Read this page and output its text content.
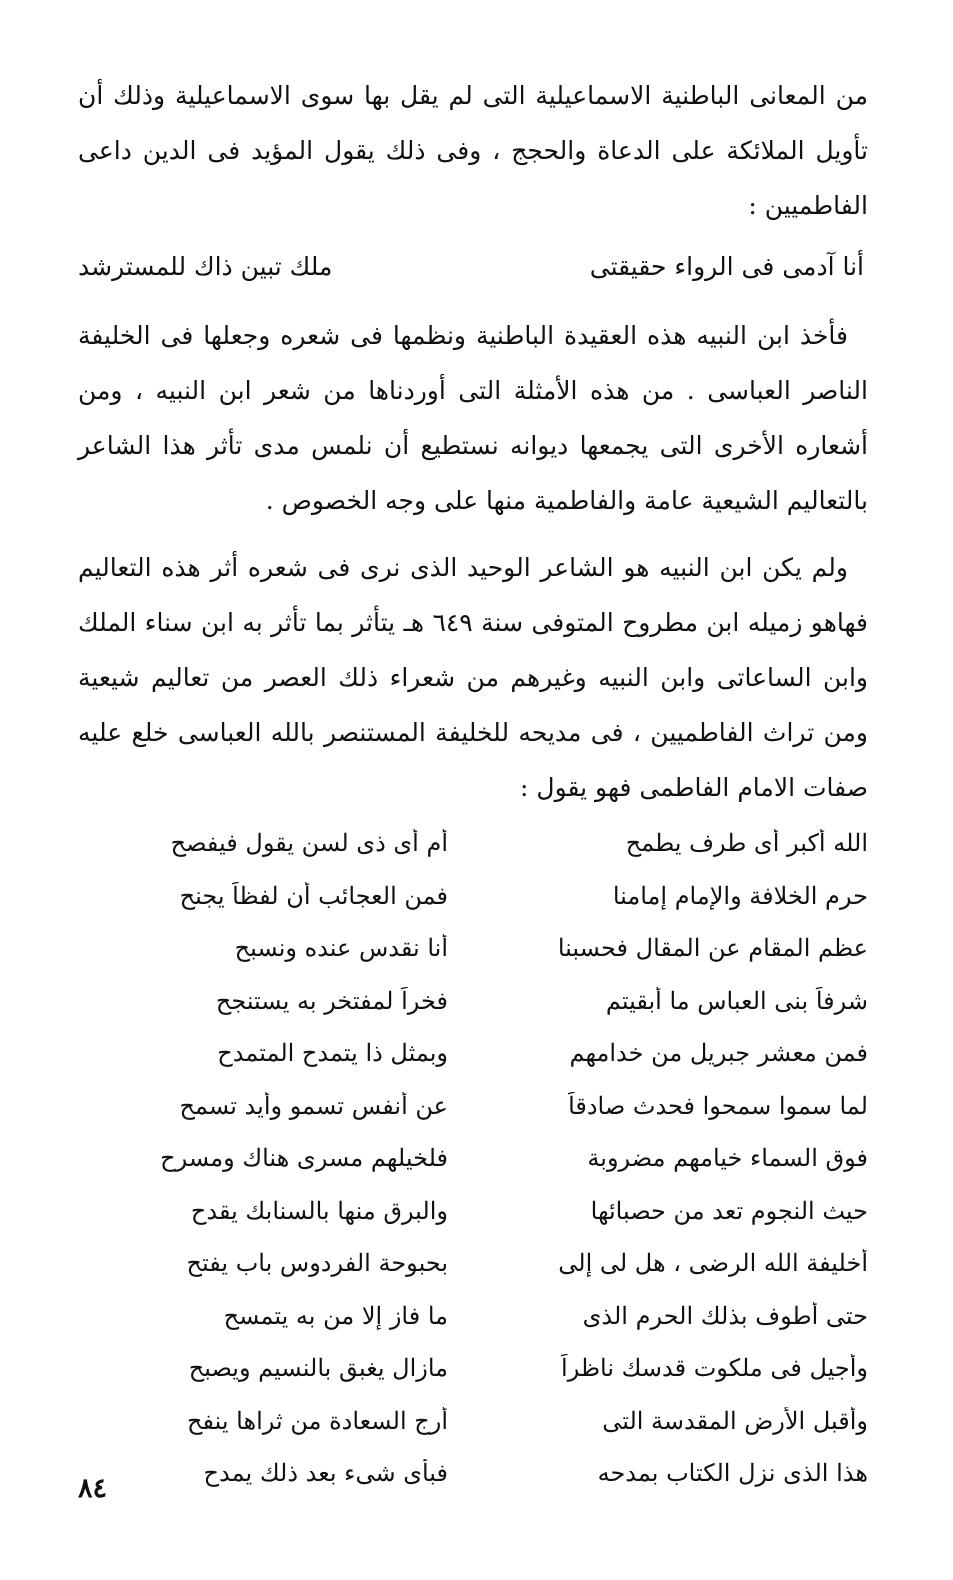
من المعانى الباطنية الاسماعيلية التى لم يقل بها سوى الاسماعيلية وذلك أن تأويل الملائكة على الدعاة والحجج ، وفى ذلك يقول المؤيد فى الدين داعى الفاطميين :

أنا آدمى فى الرواء حقيقتى
ملك تبين ذاك للمسترشد

فأخذ ابن النبيه هذه العقيدة الباطنية ونظمها فى شعره وجعلها فى الخليفة الناصر العباسى . من هذه الأمثلة التى أوردناها من شعر ابن النبيه ، ومن أشعاره الأخرى التى يجمعها ديوانه نستطيع أن نلمس مدى تأثر هذا الشاعر بالتعاليم الشيعية عامة والفاطمية منها على وجه الخصوص .

ولم يكن ابن النبيه هو الشاعر الوحيد الذى نرى فى شعره أثر هذه التعاليم فهاهو زميله ابن مطروح المتوفى سنة ٦٤٩ هـ يتأثر بما تأثر به ابن سناء الملك وابن الساعاتى وابن النبيه وغيرهم من شعراء ذلك العصر من تعاليم شيعية ومن تراث الفاطميين ، فى مديحه للخليفة المستنصر بالله العباسى خلع عليه صفات الامام الفاطمى فهو يقول :

الله أكبر أى طرف يطمح
أم أى ذى لسن يقول فيفصح
حرم الخلافة والإمام إمامنا
فمن العجائب أن لفظاً يجنح
عظم المقام عن المقال فحسبنا
أنا نقدس عنده ونسبح
شرفاً بنى العباس ما أبقيتم
فخراً لمفتخر به يستنجح
فمن معشر جبريل من خدامهم
وبمثل ذا يتمدح المتمدح
لما سموا سمحوا فحدث صادقاً
عن أنفس تسمو وأيد تسمح
فوق السماء خيامهم مضروبة
فلخيلهم مسرى هناك ومسرح
حيث النجوم تعد من حصبائها
والبرق منها بالسنابك يقدح
أخليفة الله الرضى ، هل لى إلى
بحبوحة الفردوس باب يفتح
حتى أطوف بذلك الحرم الذى
ما فاز إلا من به يتمسح
وأجيل فى ملكوت قدسك ناظراً
مازال يغبق بالنسيم ويصبح
وأقبل الأرض المقدسة التى
أرج السعادة من ثراها ينفح
هذا الذى نزل الكتاب بمدحه
فبأى شىء بعد ذلك يمدح
٨٤
